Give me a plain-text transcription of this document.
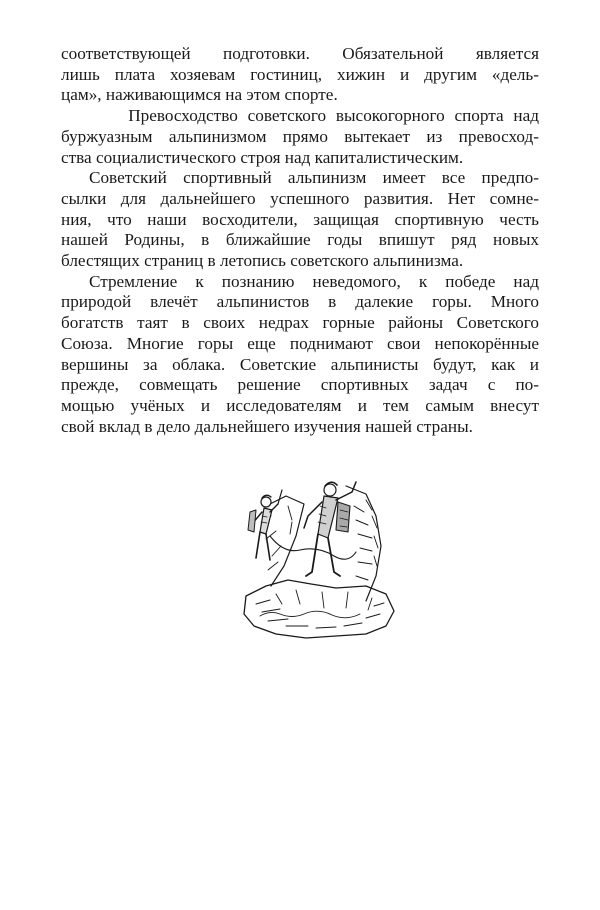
соответствующей подготовки. Обязательной является
лишь плата хозяевам гостиниц, хижин и другим «дель-
цам», наживающимся на этом спорте.

Превосходство советского высокогорного спорта над
буржуазным альпинизмом прямо вытекает из превосход-
ства социалистического строя над капиталистическим.

Советский спортивный альпинизм имеет все предпо-
сылки для дальнейшего успешного развития. Нет сомне-
ния, что наши восходители, защищая спортивную честь
нашей Родины, в ближайшие годы впишут ряд новых
блестящих страниц в летопись советского альпинизма.

Стремление к познанию неведомого, к победе над
природой влечёт альпинистов в далекие горы. Много
богатств таят в своих недрах горные районы Советского
Союза. Многие горы еще поднимают свои непокорённые
вершины за облака. Советские альпинисты будут, как и
прежде, совмещать решение спортивных задач с по-
мощью учёных и исследователям и тем самым внесут
свой вклад в дело дальнейшего изучения нашей страны.
